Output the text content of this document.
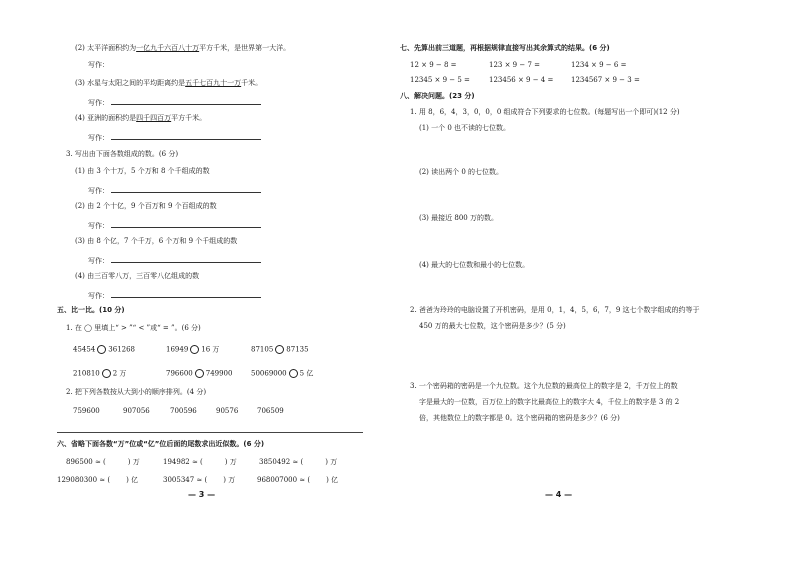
(2) 太平洋面积约为一亿九千六百八十万平方千米，是世界第一大洋。
写作：
(3) 水星与太阳之间的平均距离约是五千七百九十一万千米。
写作：
(4) 亚洲的面积约是四千四百万平方千米。
写作：
3. 写出由下面各数组成的数。(6 分)
(1) 由 3 个十万，5 个万和 8 个千组成的数
写作：
(2) 由 2 个十亿，9 个百万和 9 个百组成的数
写作：
(3) 由 8 个亿，7 个千万，6 个万和 9 个千组成的数
写作：
(4) 由三百零八万，三百零八亿组成的数
写作：
五、比一比。(10 分)
1. 在 ◯ 里填上“ > ”“ < ”或“ = ”。(6 分)
45454 361268	16949 16 万	87105 87135
210810 2 万	796600 749900	50069000 5 亿
2. 把下列各数按从大到小的顺序排列。(4 分)
759600	907056	700596	90576	706509
六、省略下面各数“万”位或“亿”位后面的尾数求出近似数。(6 分)
896500 ≈ (	) 万	194982 ≈ (	) 万	3850492 ≈ (	) 万
129080300 ≈ ( ) 亿	3005347 ≈ ( ) 万	968007000 ≈ ( ) 亿
— 3 —
七、先算出前三道题，再根据规律直接写出其余算式的结果。(6 分)
12 × 9 − 8 =	123 × 9 − 7 =	1234 × 9 − 6 =
12345 × 9 − 5 =	123456 × 9 − 4 =	1234567 × 9 − 3 =
八、解决问题。(23 分)
1. 用 8，6，4，3，0，0，0 组成符合下列要求的七位数。(每题写出一个即可)(12 分)
(1) 一个 0 也不读的七位数。
(2) 读出两个 0 的七位数。
(3) 最接近 800 万的数。
(4) 最大的七位数和最小的七位数。
2. 爸爸为玲玲的电脑设置了开机密码，是用 0，1，4，5，6，7，9 这七个数字组成的约等于
450 万的最大七位数，这个密码是多少？(5 分)
3. 一个密码箱的密码是一个九位数。这个九位数的最高位上的数字是 2，千万位上的数
字是最大的一位数，百万位上的数字比最高位上的数字大 4，千位上的数字是 3 的 2
倍，其他数位上的数字都是 0。这个密码箱的密码是多少？(6 分)
— 4 —
